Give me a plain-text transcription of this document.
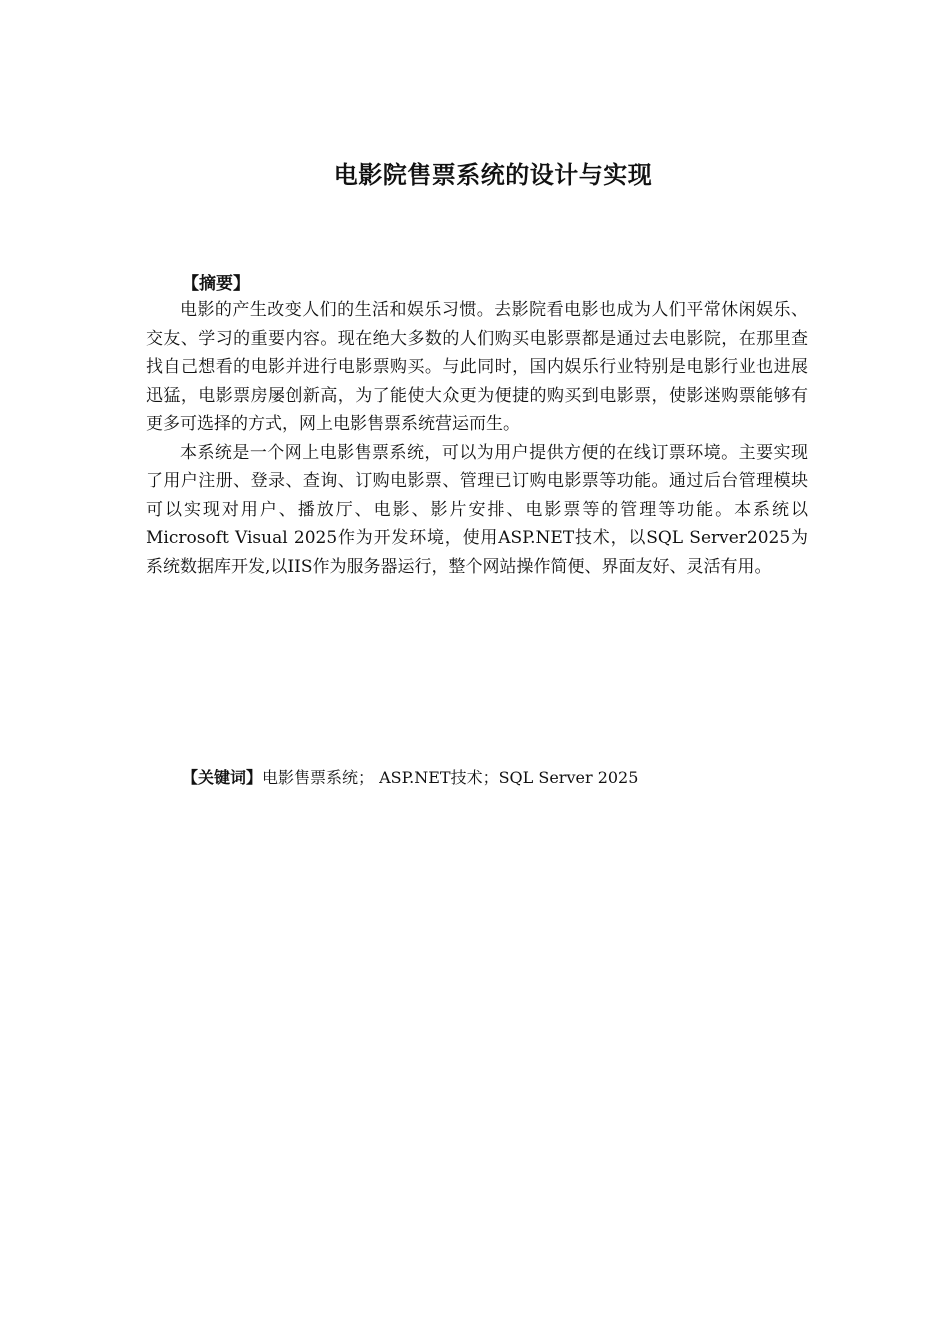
电影院售票系统的设计与实现
【摘要】

电影的产生改变人们的生活和娱乐习惯。去影院看电影也成为人们平常休闲娱乐、交友、学习的重要内容。现在绝大多数的人们购买电影票都是通过去电影院，在那里查找自己想看的电影并进行电影票购买。与此同时，国内娱乐行业特别是电影行业也进展迅猛，电影票房屡创新高，为了能使大众更为便捷的购买到电影票，使影迷购票能够有更多可选择的方式，网上电影售票系统营运而生。

本系统是一个网上电影售票系统，可以为用户提供方便的在线订票环境。主要实现了用户注册、登录、查询、订购电影票、管理已订购电影票等功能。通过后台管理模块可以实现对用户、播放厅、电影、影片安排、电影票等的管理等功能。本系统以Microsoft Visual 2025作为开发环境，使用ASP.NET技术，以SQL Server2025为系统数据库开发,以IIS作为服务器运行，整个网站操作简便、界面友好、灵活有用。

【关键词】电影售票系统； ASP.NET技术；SQL Server 2025
